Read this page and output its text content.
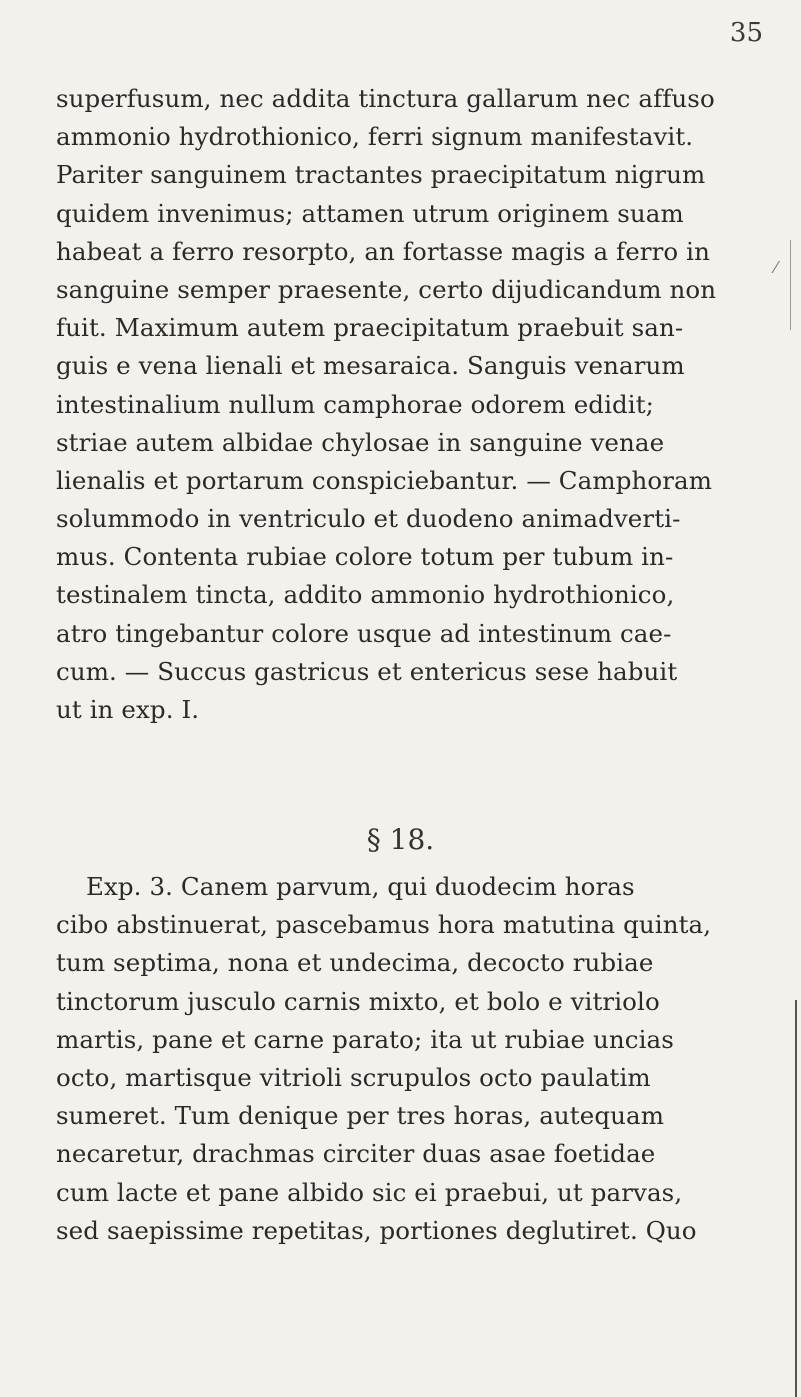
35
⁄
superfusum, nec addita tinctura gallarum nec affuso
ammonio hydrothionico, ferri signum manifestavit.
Pariter sanguinem tractantes praecipitatum nigrum
quidem invenimus; attamen utrum originem suam
habeat a ferro resorpto, an fortasse magis a ferro in
sanguine semper praesente, certo dijudicandum non
fuit. Maximum autem praecipitatum praebuit san-
guis e vena lienali et mesaraica. Sanguis venarum
intestinalium nullum camphorae odorem edidit;
striae autem albidae chylosae in sanguine venae
lienalis et portarum conspiciebantur. — Camphoram
solummodo in ventriculo et duodeno animadverti-
mus. Contenta rubiae colore totum per tubum in-
testinalem tincta, addito ammonio hydrothionico,
atro tingebantur colore usque ad intestinum cae-
cum. — Succus gastricus et entericus sese habuit
ut in exp. I.
§ 18.
Exp. 3. Canem parvum, qui duodecim horas
cibo abstinuerat, pascebamus hora matutina quinta,
tum septima, nona et undecima, decocto rubiae
tinctorum jusculo carnis mixto, et bolo e vitriolo
martis, pane et carne parato; ita ut rubiae uncias
octo, martisque vitrioli scrupulos octo paulatim
sumeret. Tum denique per tres horas, autequam
necaretur, drachmas circiter duas asae foetidae
cum lacte et pane albido sic ei praebui, ut parvas,
sed saepissime repetitas, portiones deglutiret. Quo
